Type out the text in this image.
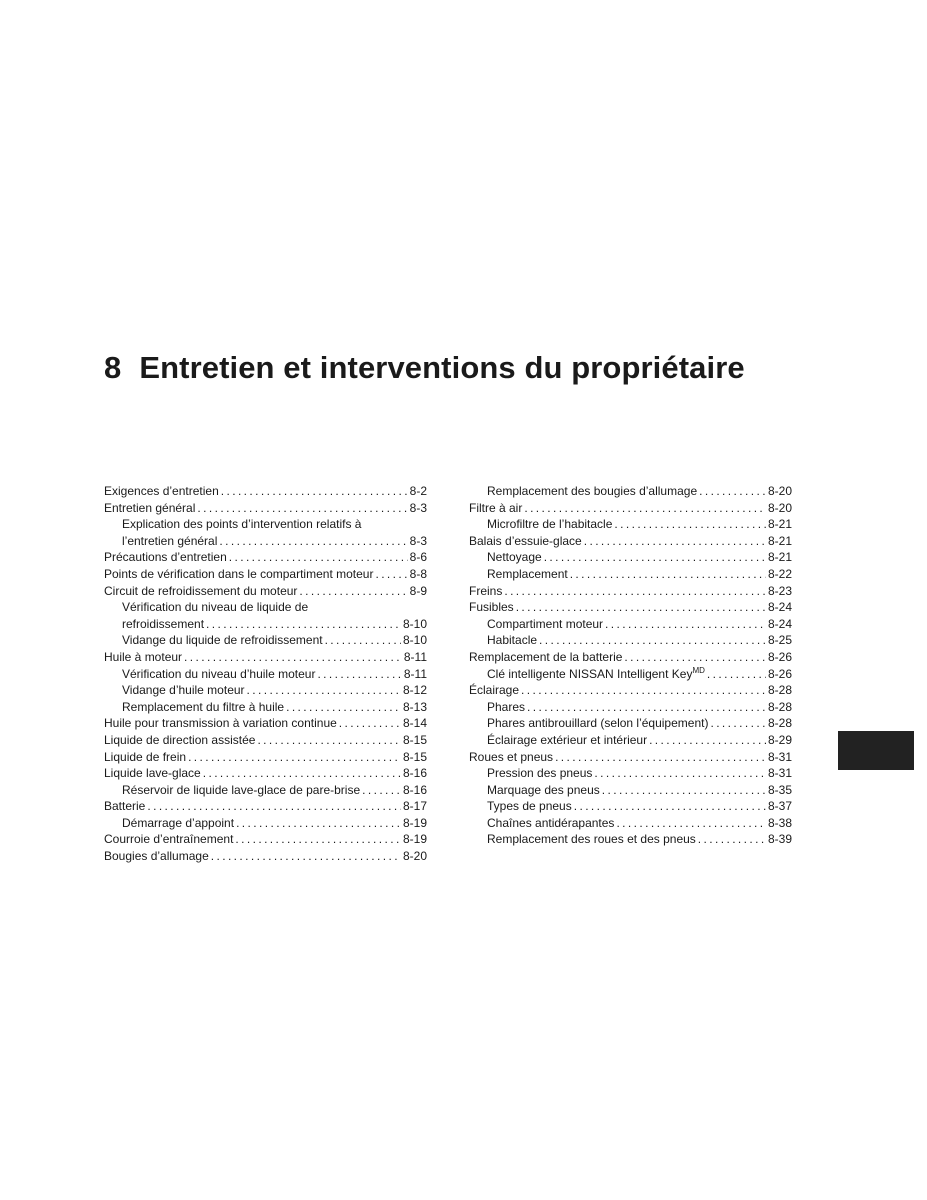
8 Entretien et interventions du propriétaire
Exigences d’entretien .....	8-2
Entretien général .....	8-3
Explication des points d’intervention relatifs à
l’entretien général .....	8-3
Précautions d’entretien .....	8-6
Points de vérification dans le compartiment moteur .....	8-8
Circuit de refroidissement du moteur .....	8-9
Vérification du niveau de liquide de
refroidissement .....	8-10
Vidange du liquide de refroidissement .....	8-10
Huile à moteur .....	8-11
Vérification du niveau d’huile moteur .....	8-11
Vidange d’huile moteur .....	8-12
Remplacement du filtre à huile .....	8-13
Huile pour transmission à variation continue .....	8-14
Liquide de direction assistée .....	8-15
Liquide de frein .....	8-15
Liquide lave-glace .....	8-16
Réservoir de liquide lave-glace de pare-brise .....	8-16
Batterie .....	8-17
Démarrage d’appoint .....	8-19
Courroie d’entraînement .....	8-19
Bougies d’allumage .....	8-20
Remplacement des bougies d’allumage .....	8-20
Filtre à air .....	8-20
Microfiltre de l’habitacle .....	8-21
Balais d’essuie-glace .....	8-21
Nettoyage .....	8-21
Remplacement .....	8-22
Freins .....	8-23
Fusibles .....	8-24
Compartiment moteur .....	8-24
Habitacle .....	8-25
Remplacement de la batterie .....	8-26
Clé intelligente NISSAN Intelligent Key$^{MD}$ .....	8-26
Éclairage .....	8-28
Phares .....	8-28
Phares antibrouillard (selon l’équipement) .....	8-28
Éclairage extérieur et intérieur .....	8-29
Roues et pneus .....	8-31
Pression des pneus .....	8-31
Marquage des pneus .....	8-35
Types de pneus .....	8-37
Chaînes antidérapantes .....	8-38
Remplacement des roues et des pneus .....	8-39
